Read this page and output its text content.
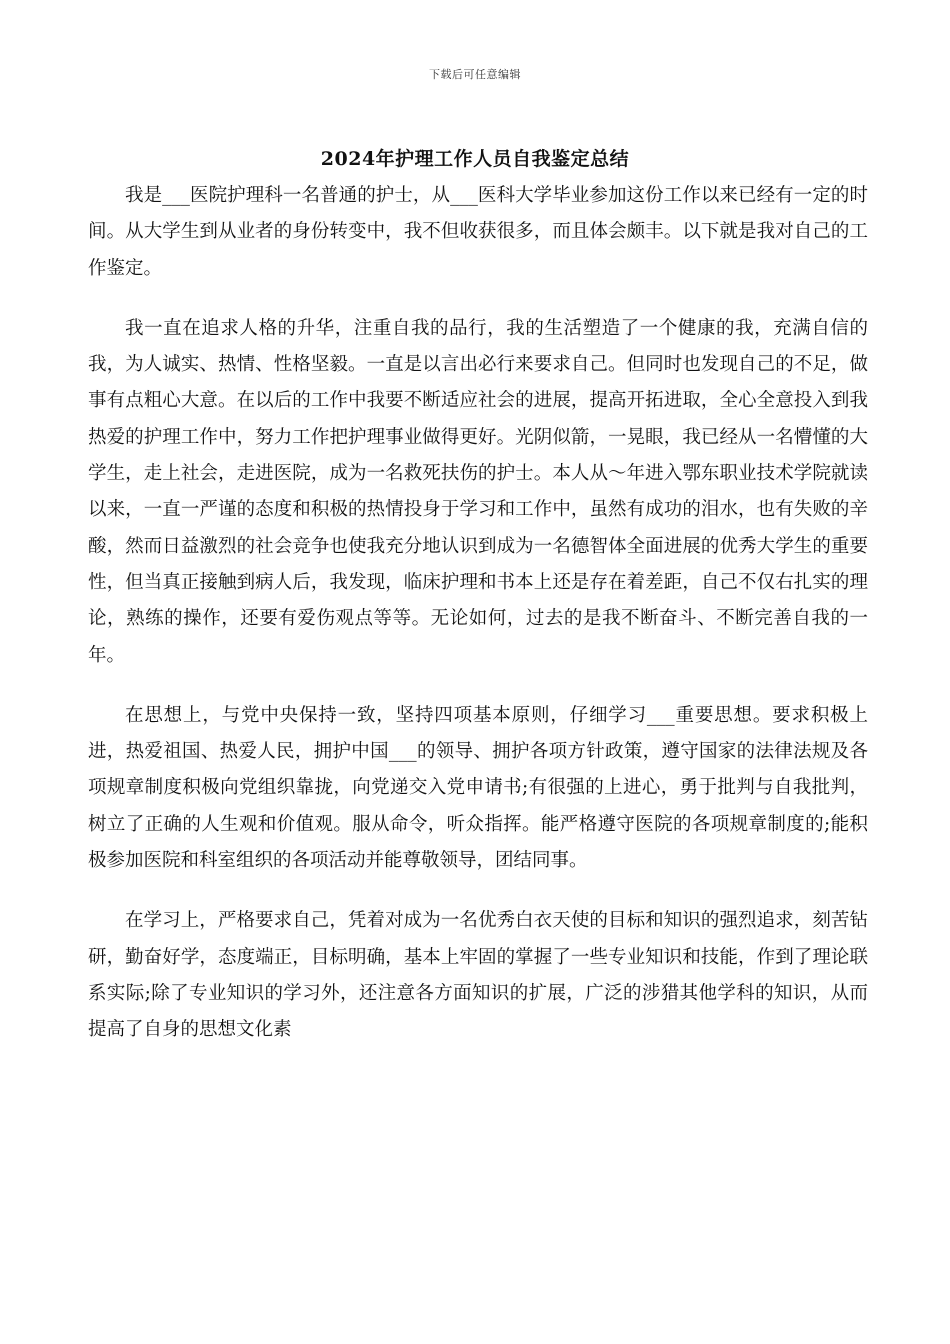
下载后可任意编辑
2024年护理工作人员自我鉴定总结

我是___医院护理科一名普通的护士，从___医科大学毕业参加这份工作以来已经有一定的时间。从大学生到从业者的身份转变中，我不但收获很多，而且体会颇丰。以下就是我对自己的工作鉴定。

我一直在追求人格的升华，注重自我的品行，我的生活塑造了一个健康的我，充满自信的我，为人诚实、热情、性格坚毅。一直是以言出必行来要求自己。但同时也发现自己的不足，做事有点粗心大意。在以后的工作中我要不断适应社会的进展，提高开拓进取，全心全意投入到我热爱的护理工作中，努力工作把护理事业做得更好。光阴似箭，一晃眼，我已经从一名懵懂的大学生，走上社会，走进医院，成为一名救死扶伤的护士。本人从～年进入鄂东职业技术学院就读以来，一直一严谨的态度和积极的热情投身于学习和工作中，虽然有成功的泪水，也有失败的辛酸，然而日益激烈的社会竞争也使我充分地认识到成为一名德智体全面进展的优秀大学生的重要性，但当真正接触到病人后，我发现，临床护理和书本上还是存在着差距，自己不仅右扎实的理论，熟练的操作，还要有爱伤观点等等。无论如何，过去的是我不断奋斗、不断完善自我的一年。

在思想上，与党中央保持一致，坚持四项基本原则，仔细学习___重要思想。要求积极上进，热爱祖国、热爱人民，拥护中国___的领导、拥护各项方针政策，遵守国家的法律法规及各项规章制度积极向党组织靠拢，向党递交入党申请书;有很强的上进心，勇于批判与自我批判，树立了正确的人生观和价值观。服从命令，听众指挥。能严格遵守医院的各项规章制度的;能积极参加医院和科室组织的各项活动并能尊敬领导，团结同事。

在学习上，严格要求自己，凭着对成为一名优秀白衣天使的目标和知识的强烈追求，刻苦钻研，勤奋好学，态度端正，目标明确，基本上牢固的掌握了一些专业知识和技能，作到了理论联系实际;除了专业知识的学习外，还注意各方面知识的扩展，广泛的涉猎其他学科的知识，从而提高了自身的思想文化素
